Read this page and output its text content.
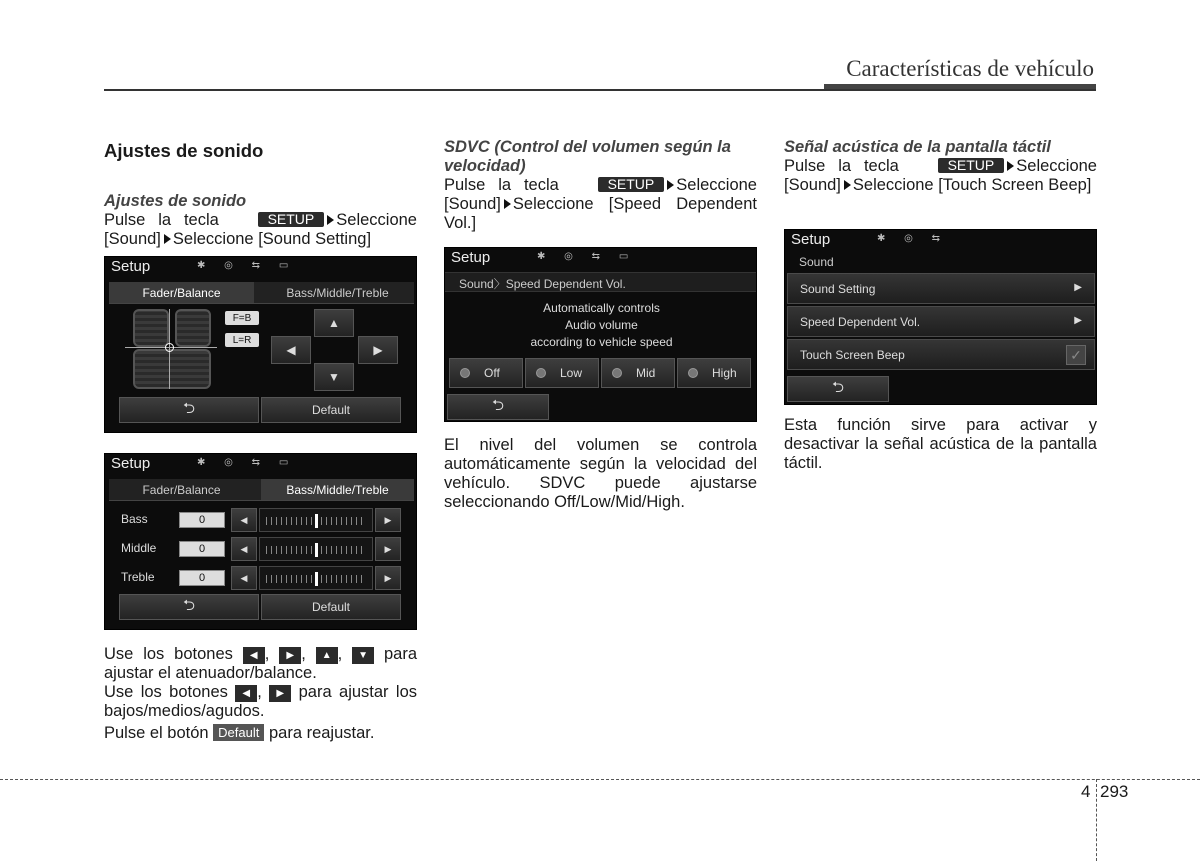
Características de vehículo
Ajustes de sonido
Ajustes de sonido
Pulse la tecla	SETUP Seleccione [Sound] Seleccione [Sound Setting]
Setup	✱ ◎ ⇆ ▭
Fader/Balance	Bass/Middle/Treble
F=B
L=R
▲
◀	▶
▼
⮌	Default
Setup	✱ ◎ ⇆ ▭
Fader/Balance	Bass/Middle/Treble
Bass	0	◀	▶
Middle	0	◀	▶
Treble	0	◀	▶
⮌	Default
Use los botones ◀ , ▶ , ▲ , ▼ para ajustar el atenuador/balance.
Use los botones ◀ , ▶ para ajustar los bajos/medios/agudos.
Pulse el botón Default para reajustar.
SDVC (Control del volumen según la velocidad)
Pulse la tecla	SETUP Seleccione [Sound] Seleccione [Speed Dependent Vol.]
Setup	✱ ◎ ⇆ ▭
Sound〉Speed Dependent Vol.
Automatically controls
Audio volume
according to vehicle speed
Off	Low	Mid	High
⮌
El nivel del volumen se controla automáticamente según la velocidad del vehículo. SDVC puede ajustarse seleccionando Off/Low/Mid/High.
Señal acústica de la pantalla táctil
Pulse la tecla	SETUP Seleccione [Sound] Seleccione [Touch Screen Beep]
Setup	✱ ◎ ⇆
Sound
Sound Setting	▶
Speed Dependent Vol.	▶
Touch Screen Beep	✓
⮌
Esta función sirve para activar y desactivar la señal acústica de la pantalla táctil.
4 293
